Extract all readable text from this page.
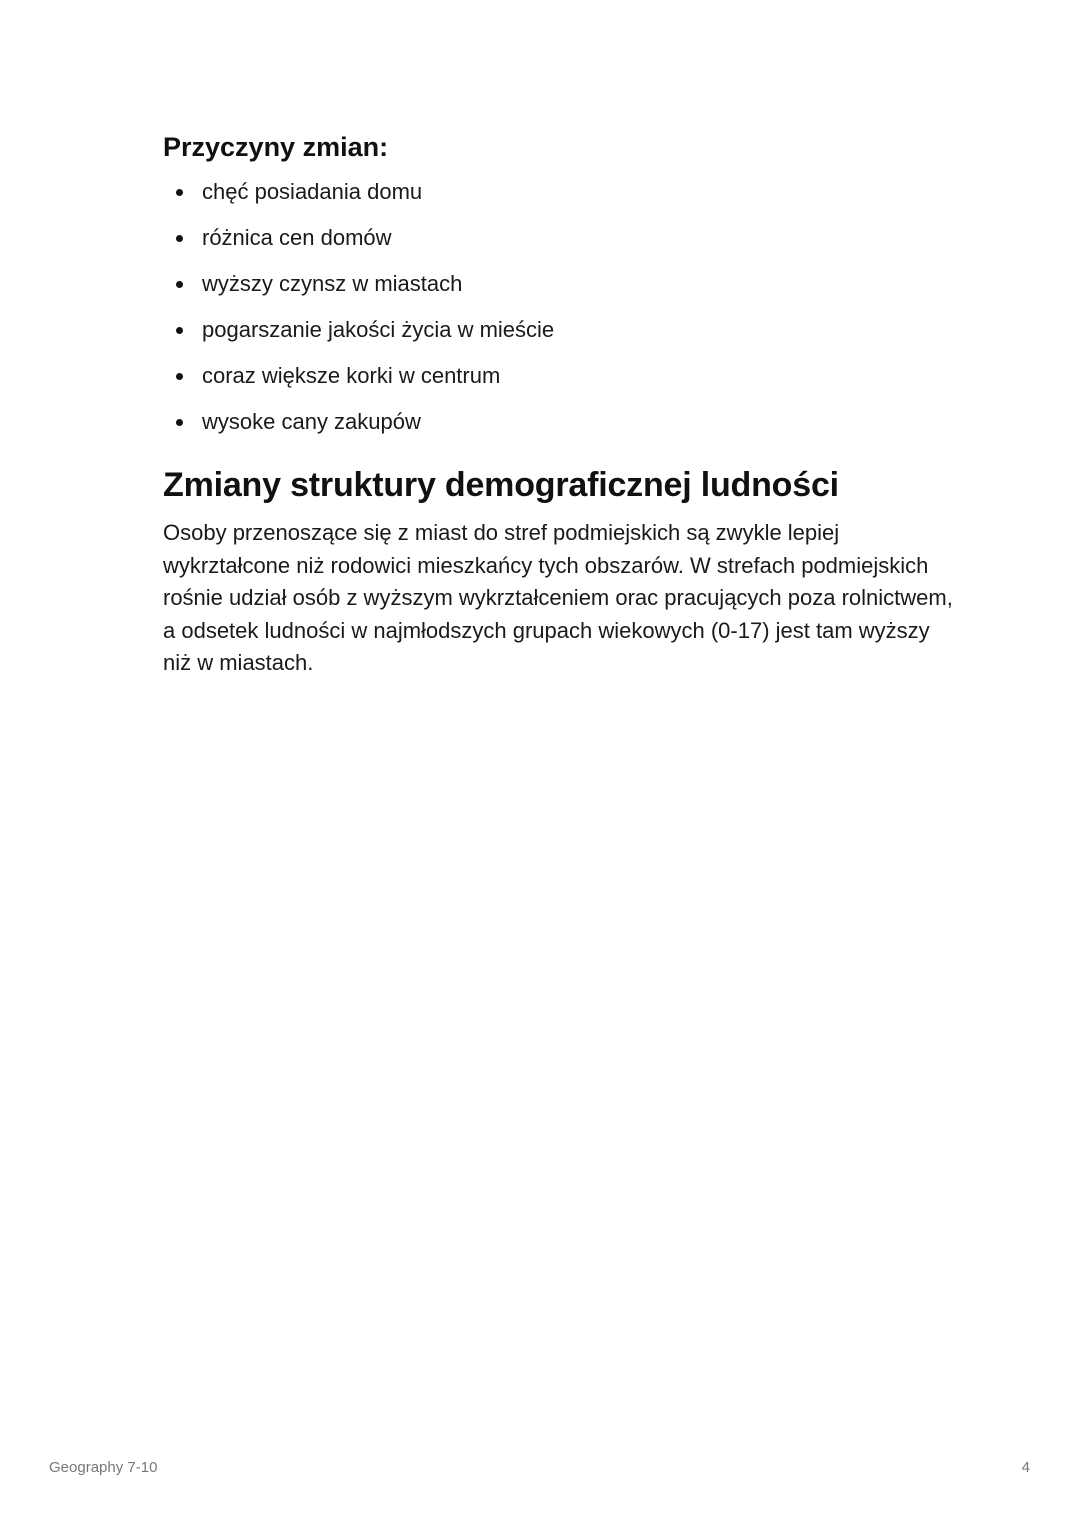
Przyczyny zmian:
chęć posiadania domu
różnica cen domów
wyższy czynsz w miastach
pogarszanie jakości życia w mieście
coraz większe korki w centrum
wysoke cany zakupów
Zmiany struktury demograficznej ludności

Osoby przenoszące się z miast do stref podmiejskich są zwykle lepiej wykrztałcone niż rodowici mieszkańcy tych obszarów. W strefach podmiejskich rośnie udział osób z wyższym wykrztałceniem orac pracujących poza rolnictwem, a odsetek ludności w najmłodszych grupach wiekowych (0-17) jest tam wyższy niż w miastach.

Geography 7-10	4
